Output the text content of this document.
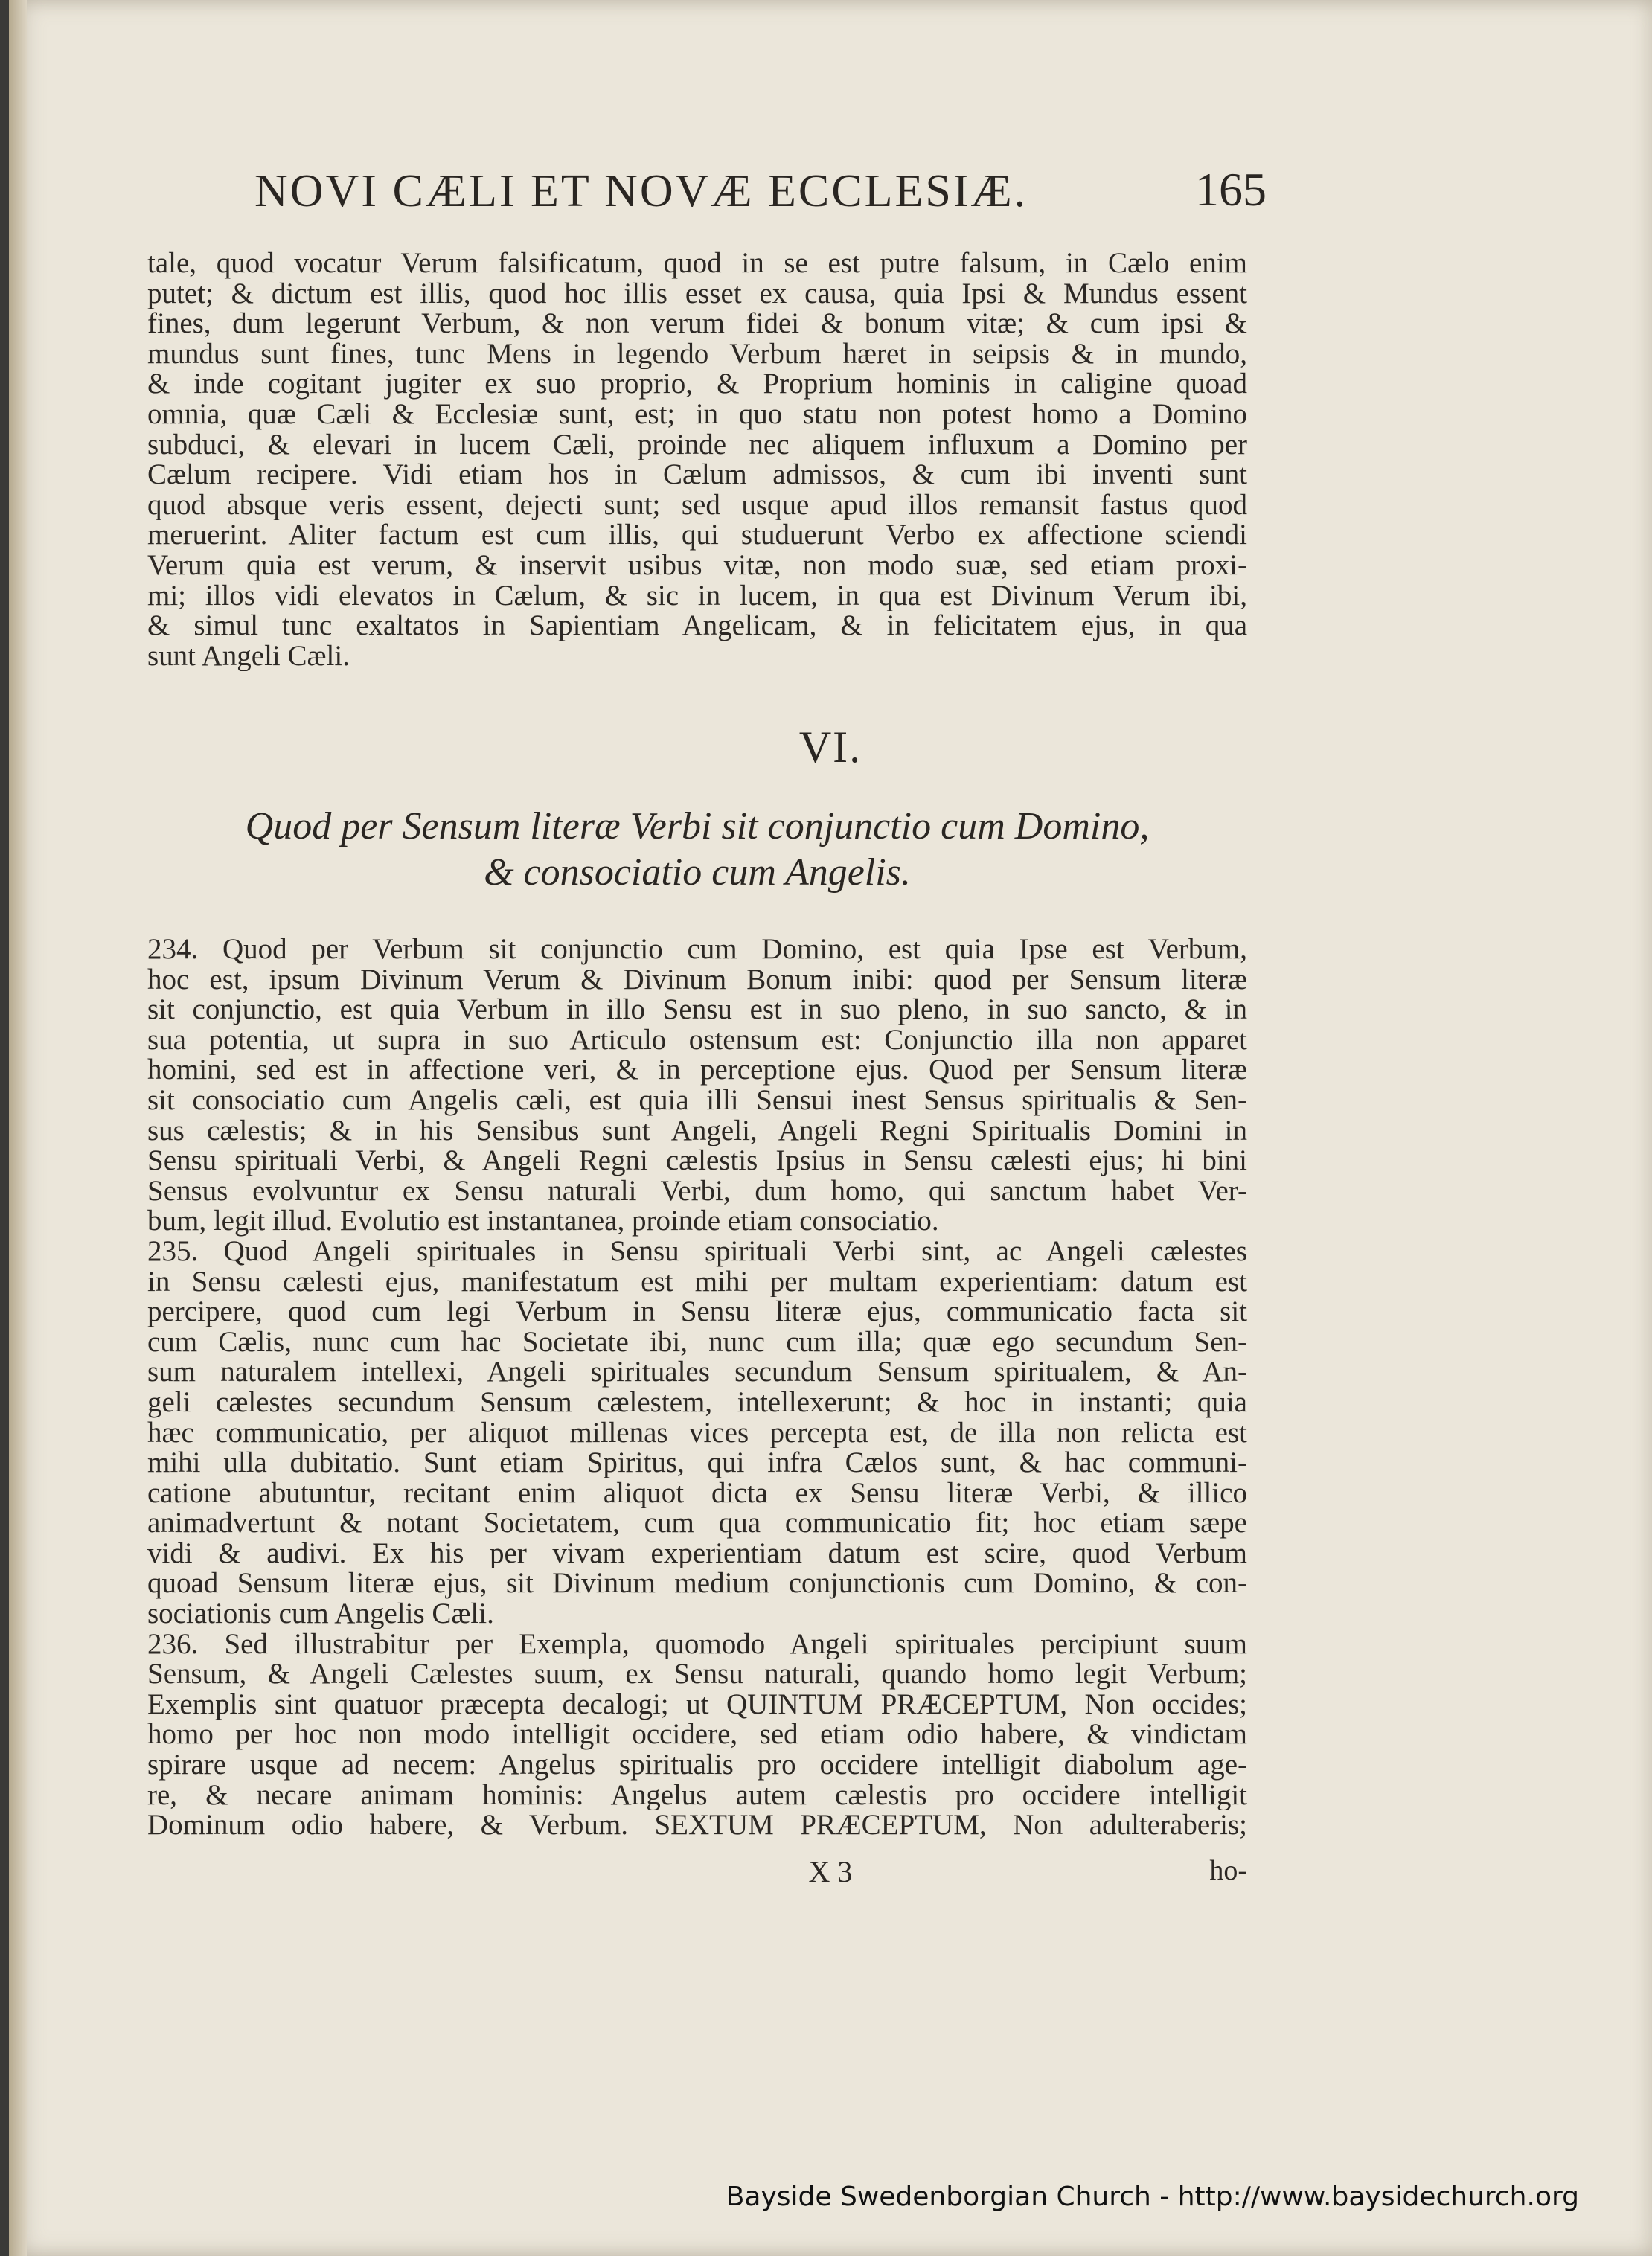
NOVI CÆLI ET NOVÆ ECCLESIÆ.	165
tale, quod vocatur Verum falsificatum, quod in se est putre falsum, in Cælo enim
putet; & dictum est illis, quod hoc illis esset ex causa, quia Ipsi & Mundus essent
fines, dum legerunt Verbum, & non verum fidei & bonum vitæ; & cum ipsi &
mundus sunt fines, tunc Mens in legendo Verbum hæret in seipsis & in mundo,
& inde cogitant jugiter ex suo proprio, & Proprium hominis in caligine quoad
omnia, quæ Cæli & Ecclesiæ sunt, est; in quo statu non potest homo a Domino
subduci, & elevari in lucem Cæli, proinde nec aliquem influxum a Domino per
Cælum recipere. Vidi etiam hos in Cælum admissos, & cum ibi inventi sunt
quod absque veris essent, dejecti sunt; sed usque apud illos remansit fastus quod
meruerint. Aliter factum est cum illis, qui studuerunt Verbo ex affectione sciendi
Verum quia est verum, & inservit usibus vitæ, non modo suæ, sed etiam proxi-
mi; illos vidi elevatos in Cælum, & sic in lucem, in qua est Divinum Verum ibi,
& simul tunc exaltatos in Sapientiam Angelicam, & in felicitatem ejus, in qua
sunt Angeli Cæli.
VI.
Quod per Sensum literæ Verbi sit conjunctio cum Domino,
& consociatio cum Angelis.
234. Quod per Verbum sit conjunctio cum Domino, est quia Ipse est Verbum,
hoc est, ipsum Divinum Verum & Divinum Bonum inibi: quod per Sensum literæ
sit conjunctio, est quia Verbum in illo Sensu est in suo pleno, in suo sancto, & in
sua potentia, ut supra in suo Articulo ostensum est: Conjunctio illa non apparet
homini, sed est in affectione veri, & in perceptione ejus. Quod per Sensum literæ
sit consociatio cum Angelis cæli, est quia illi Sensui inest Sensus spiritualis & Sen-
sus cælestis; & in his Sensibus sunt Angeli, Angeli Regni Spiritualis Domini in
Sensu spirituali Verbi, & Angeli Regni cælestis Ipsius in Sensu cælesti ejus; hi bini
Sensus evolvuntur ex Sensu naturali Verbi, dum homo, qui sanctum habet Ver-
bum, legit illud. Evolutio est instantanea, proinde etiam consociatio.
235. Quod Angeli spirituales in Sensu spirituali Verbi sint, ac Angeli cælestes
in Sensu cælesti ejus, manifestatum est mihi per multam experientiam: datum est
percipere, quod cum legi Verbum in Sensu literæ ejus, communicatio facta sit
cum Cælis, nunc cum hac Societate ibi, nunc cum illa; quæ ego secundum Sen-
sum naturalem intellexi, Angeli spirituales secundum Sensum spiritualem, & An-
geli cælestes secundum Sensum cælestem, intellexerunt; & hoc in instanti; quia
hæc communicatio, per aliquot millenas vices percepta est, de illa non relicta est
mihi ulla dubitatio. Sunt etiam Spiritus, qui infra Cælos sunt, & hac communi-
catione abutuntur, recitant enim aliquot dicta ex Sensu literæ Verbi, & illico
animadvertunt & notant Societatem, cum qua communicatio fit; hoc etiam sæpe
vidi & audivi. Ex his per vivam experientiam datum est scire, quod Verbum
quoad Sensum literæ ejus, sit Divinum medium conjunctionis cum Domino, & con-
sociationis cum Angelis Cæli.
236. Sed illustrabitur per Exempla, quomodo Angeli spirituales percipiunt suum
Sensum, & Angeli Cælestes suum, ex Sensu naturali, quando homo legit Verbum;
Exemplis sint quatuor præcepta decalogi; ut QUINTUM PRÆCEPTUM, Non occides;
homo per hoc non modo intelligit occidere, sed etiam odio habere, & vindictam
spirare usque ad necem: Angelus spiritualis pro occidere intelligit diabolum age-
re, & necare animam hominis: Angelus autem cælestis pro occidere intelligit
Dominum odio habere, & Verbum. SEXTUM PRÆCEPTUM, Non adulteraberis;
X 3	ho-
Bayside Swedenborgian Church - http://www.baysidechurch.org
